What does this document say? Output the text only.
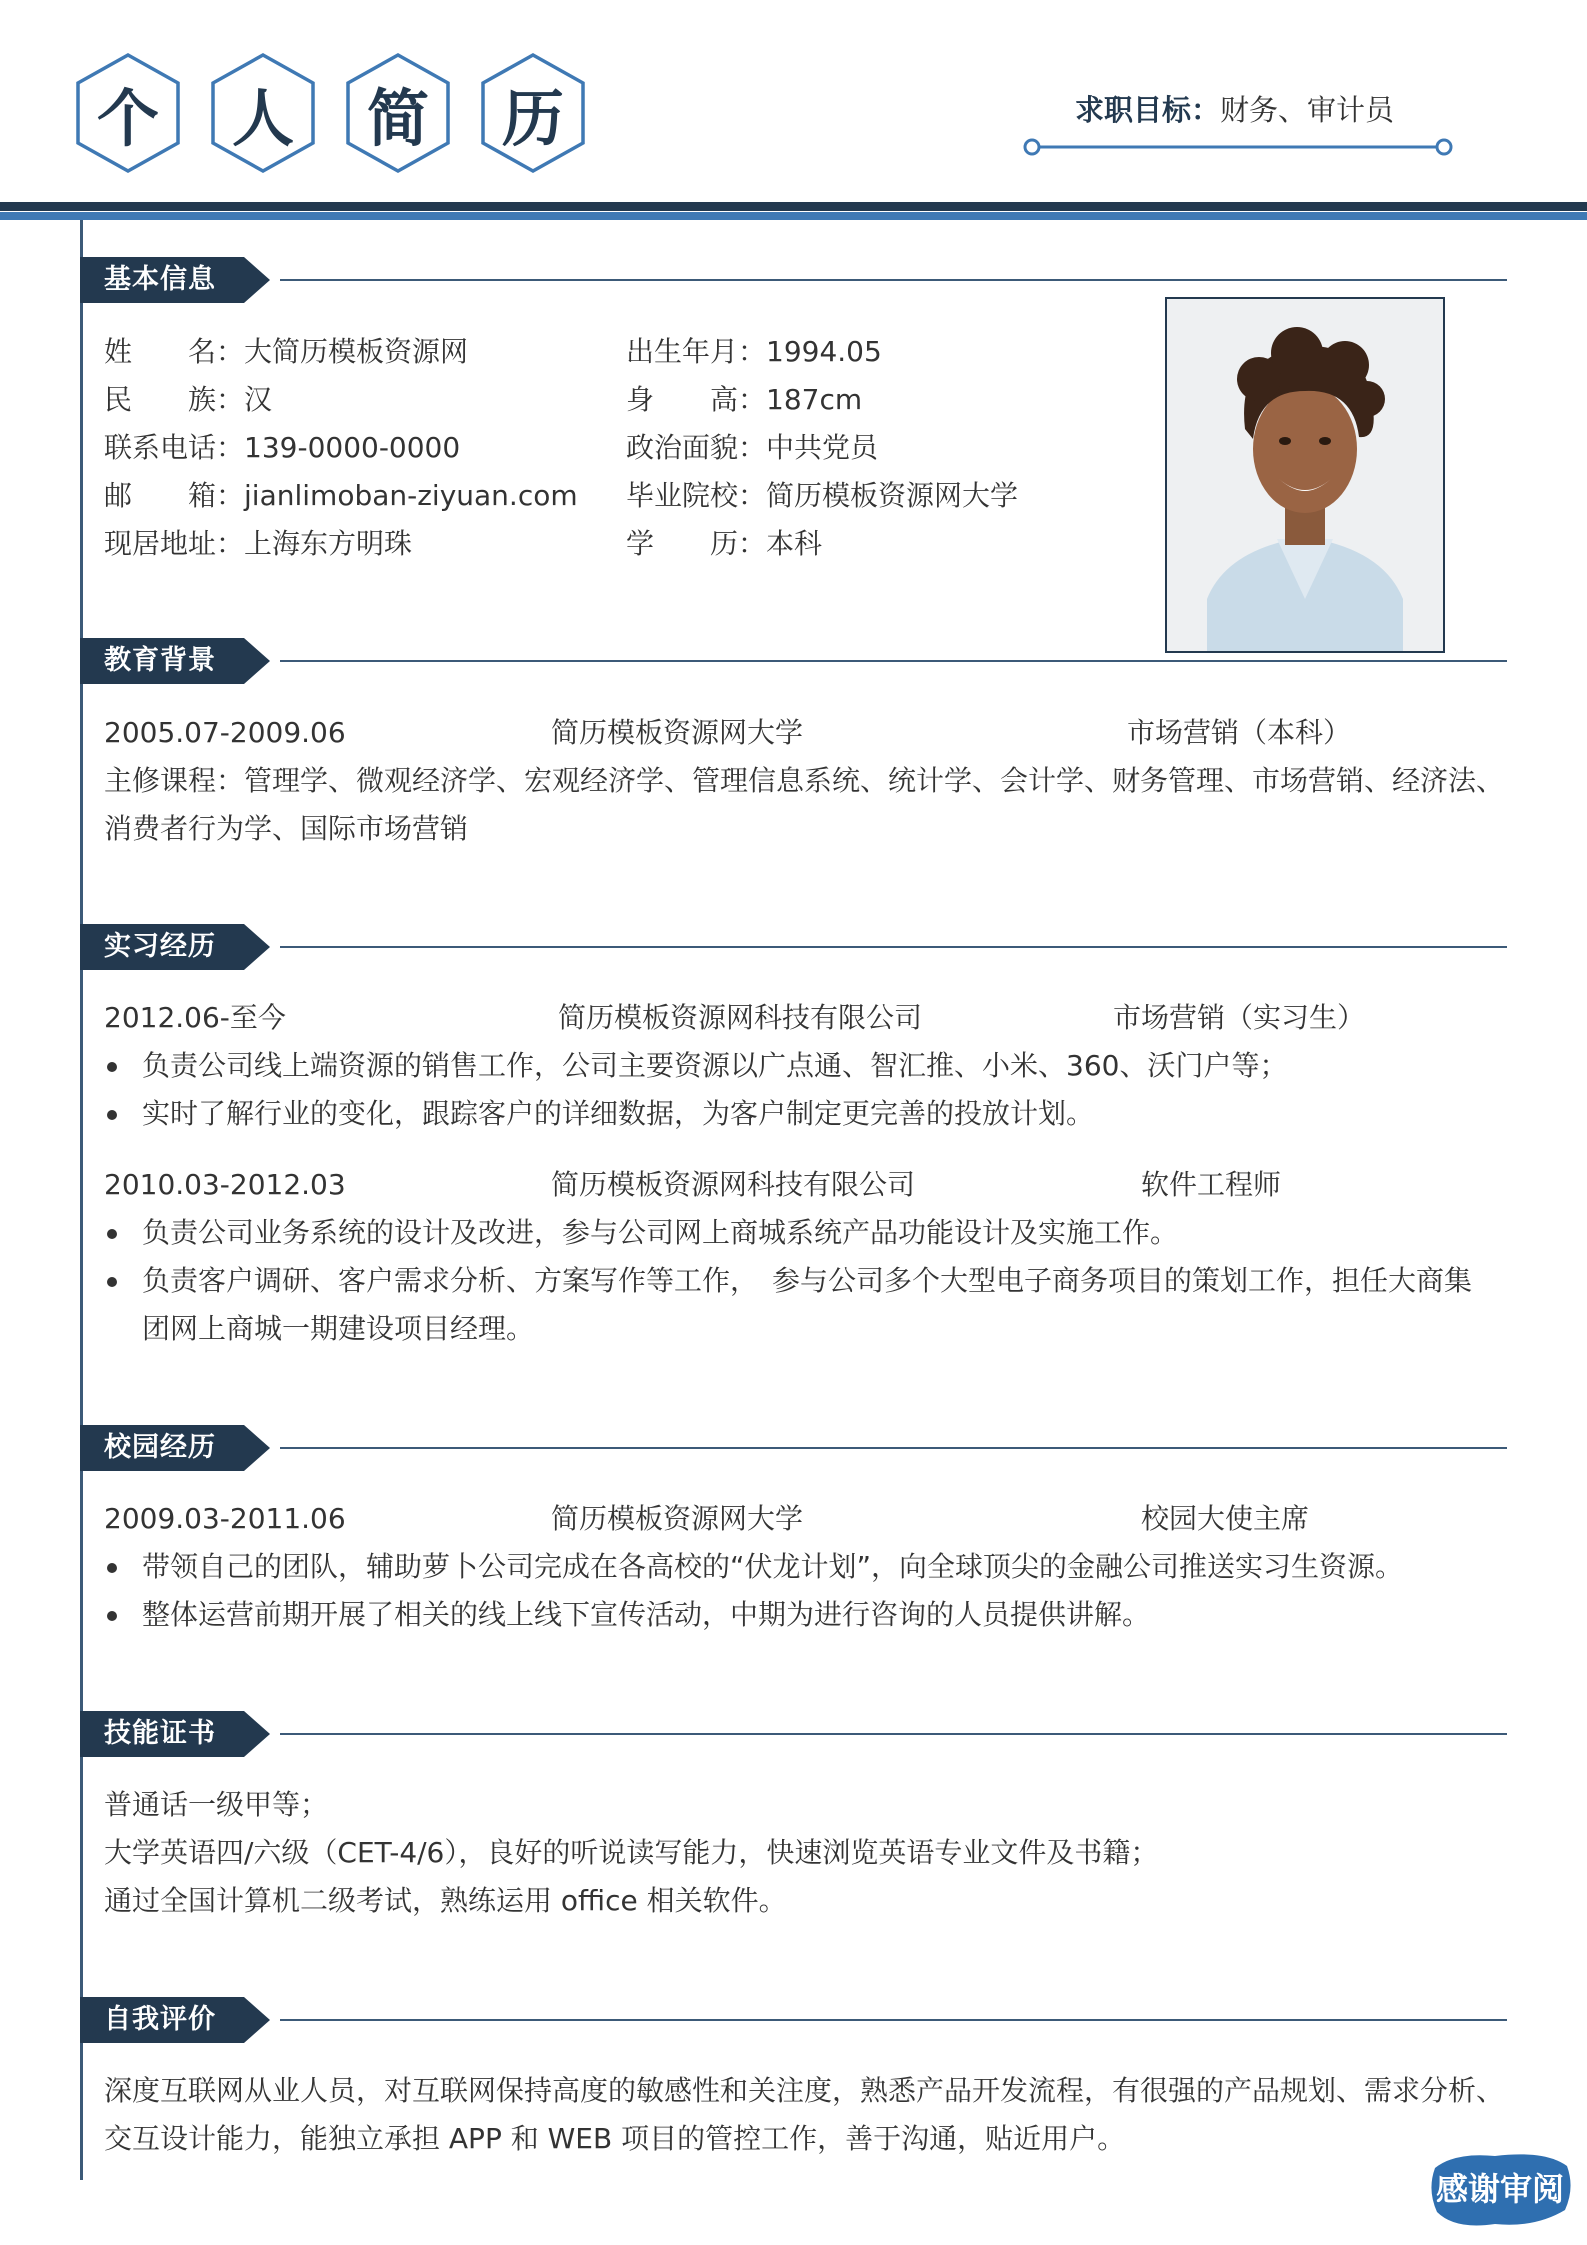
个	人	简	历	求职目标：财务、审计员
基本信息
姓　　名：大简历模板资源网
民　　族：汉
联系电话：139-0000-0000
邮　　箱：jianlimoban-ziyuan.com
现居地址：上海东方明珠
出生年月：1994.05
身　　高：187cm
政治面貌：中共党员
毕业院校：简历模板资源网大学
学　　历：本科
教育背景
2005.07-2009.06	简历模板资源网大学	市场营销（本科）
主修课程：管理学、微观经济学、宏观经济学、管理信息系统、统计学、会计学、财务管理、市场营销、经济法、
消费者行为学、国际市场营销
实习经历
2012.06-至今	简历模板资源网科技有限公司	市场营销（实习生）
负责公司线上端资源的销售工作，公司主要资源以广点通、智汇推、小米、360、沃门户等；
实时了解行业的变化，跟踪客户的详细数据，为客户制定更完善的投放计划。
2010.03-2012.03	简历模板资源网科技有限公司	软件工程师
负责公司业务系统的设计及改进，参与公司网上商城系统产品功能设计及实施工作。
负责客户调研、客户需求分析、方案写作等工作，　参与公司多个大型电子商务项目的策划工作，担任大商集
团网上商城一期建设项目经理。
校园经历
2009.03-2011.06	简历模板资源网大学	校园大使主席
带领自己的团队，辅助萝卜公司完成在各高校的“伏龙计划”，向全球顶尖的金融公司推送实习生资源。
整体运营前期开展了相关的线上线下宣传活动，中期为进行咨询的人员提供讲解。
技能证书
普通话一级甲等；
大学英语四/六级（CET-4/6），良好的听说读写能力，快速浏览英语专业文件及书籍；
通过全国计算机二级考试，熟练运用 office 相关软件。
自我评价
深度互联网从业人员，对互联网保持高度的敏感性和关注度，熟悉产品开发流程，有很强的产品规划、需求分析、
交互设计能力，能独立承担 APP 和 WEB 项目的管控工作，善于沟通，贴近用户。
感谢审阅
